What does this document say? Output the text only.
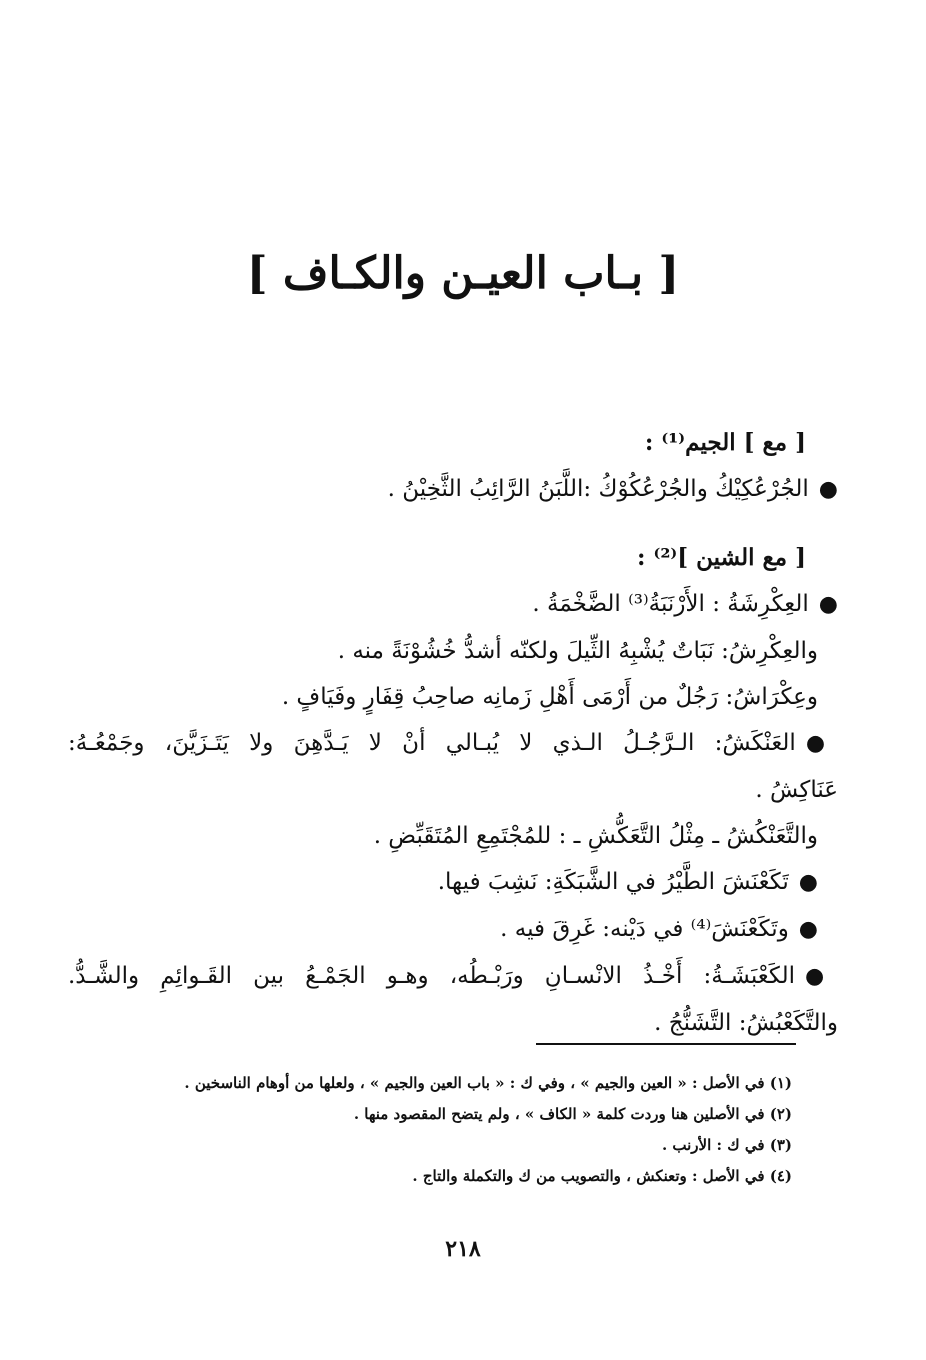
[ بـاب العيـن والكـاف ]
[ مع ] الجيم⁽¹⁾ :
●الجُرْعُكِيْكُ والجُرْعُكُوْكُ :اللَّبَنُ الرَّائِبُ الثَّخِيْنُ .
[ مع الشين ]⁽²⁾ :
●العِكْرِشَةُ : الأَرْنَبَةُ⁽³⁾ الضَّخْمَةُ .
والعِكْرِشُ: نَبَاتٌ يُشْبِهُ الثِّيلَ ولكنّه أشدُّ خُشُوْنَةً منه .
وعِكْرَاشُ: رَجُلٌ من أَرْمَى أَهْلِ زَمانِه صاحِبُ قِفَارٍ وفَيَافٍ .
●العَنْكَشُ: الـرَّجُـلُ الـذي لا يُبـالي أنْ لا يَـدَّهِنَ ولا يَتَـزَيَّنَ، وجَمْعُـهُ:
عَنَاكِشُ .
والتَّعَنْكُشُ ـ مِثْلُ التَّعَكُّشِ ـ : للمُجْتَمِعِ المُتَقَبِّضِ .
●تَكَعْنَشَ الطَّيْرُ في الشَّبَكَةِ: نَشِبَ فيها.
●وتَكَعْنَشَ⁽⁴⁾ في دَيْنه: غَرِقَ فيه .
●الكَعْبَشَـةُ: أَخْـذُ الانْسـانِ ورَبْـطُه، وهـو الجَمْـعُ بين القَـوائِمِ والشَّـدُّ.
والتَّكَعْبُشُ: التَّشَنُّجُ .
(١) في الأصل : « العين والجيم » ، وفي ك : « باب العين والجيم » ، ولعلها من أوهام الناسخين .
(٢) في الأصلين هنا وردت كلمة « الكاف » ، ولم يتضح المقصود منها .
(٣) في ك : الأرنب .
(٤) في الأصل : وتعنكش ، والتصويب من ك والتكملة والتاج .
٢١٨
